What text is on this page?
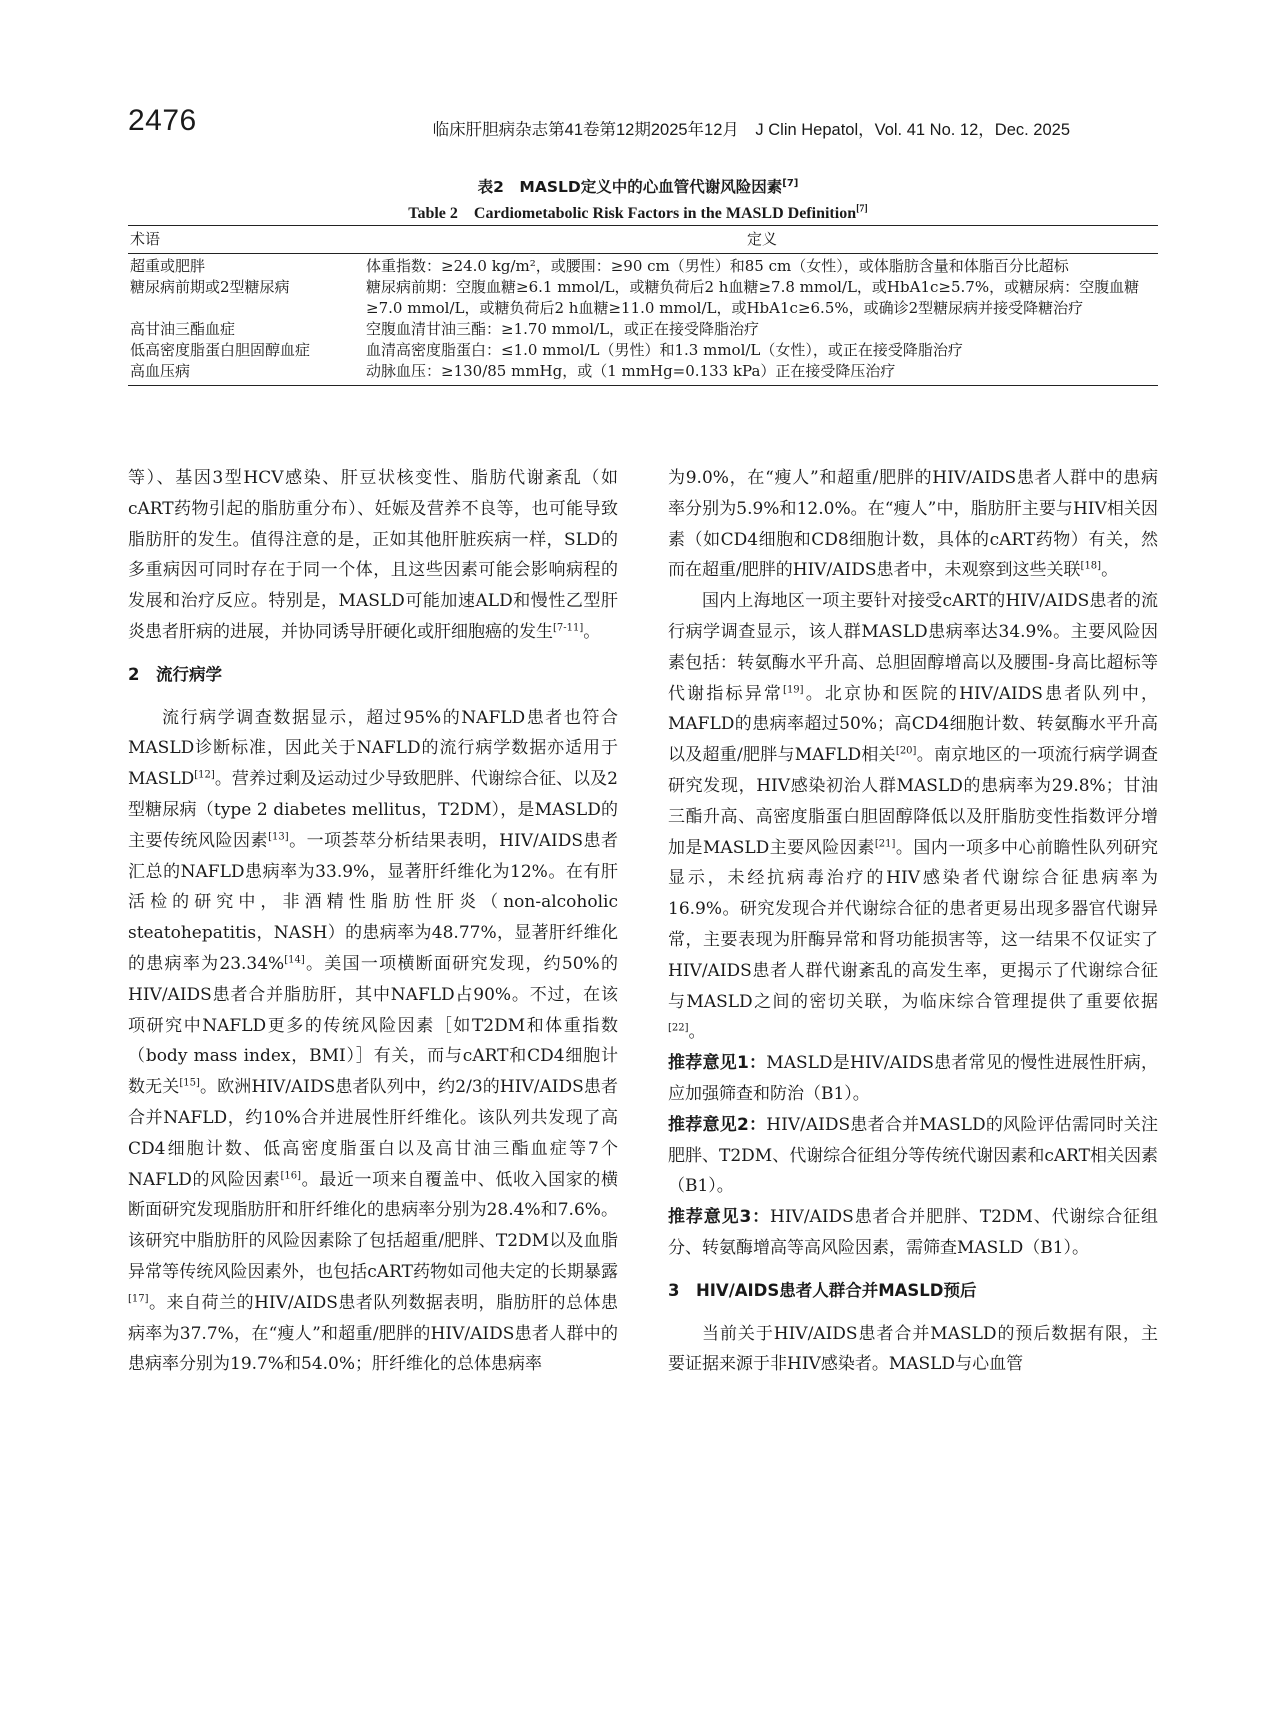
2476	临床肝胆病杂志第41卷第12期2025年12月　J Clin Hepatol，Vol. 41 No. 12，Dec. 2025
表2　MASLD定义中的心血管代谢风险因素[7]
Table 2　Cardiometabolic Risk Factors in the MASLD Definition[7]
术语	定义
超重或肥胖	体重指数：≥24.0 kg/m²，或腰围：≥90 cm（男性）和85 cm（女性），或体脂肪含量和体脂百分比超标
糖尿病前期或2型糖尿病	糖尿病前期：空腹血糖≥6.1 mmol/L，或糖负荷后2 h血糖≥7.8 mmol/L，或HbA1c≥5.7%，或糖尿病：空腹血糖≥7.0 mmol/L，或糖负荷后2 h血糖≥11.0 mmol/L，或HbA1c≥6.5%，或确诊2型糖尿病并接受降糖治疗
高甘油三酯血症	空腹血清甘油三酯：≥1.70 mmol/L，或正在接受降脂治疗
低高密度脂蛋白胆固醇血症	血清高密度脂蛋白：≤1.0 mmol/L（男性）和1.3 mmol/L（女性），或正在接受降脂治疗
高血压病	动脉血压：≥130/85 mmHg，或（1 mmHg=0.133 kPa）正在接受降压治疗

等）、基因3型HCV感染、肝豆状核变性、脂肪代谢紊乱（如cART药物引起的脂肪重分布）、妊娠及营养不良等，也可能导致脂肪肝的发生。值得注意的是，正如其他肝脏疾病一样，SLD的多重病因可同时存在于同一个体，且这些因素可能会影响病程的发展和治疗反应。特别是，MASLD可能加速ALD和慢性乙型肝炎患者肝病的进展，并协同诱导肝硬化或肝细胞癌的发生[7-11]。

2　流行病学

流行病学调查数据显示，超过95%的NAFLD患者也符合MASLD诊断标准，因此关于NAFLD的流行病学数据亦适用于MASLD[12]。营养过剩及运动过少导致肥胖、代谢综合征、以及2型糖尿病（type 2 diabetes mellitus，T2DM），是MASLD的主要传统风险因素[13]。一项荟萃分析结果表明，HIV/AIDS患者汇总的NAFLD患病率为33.9%，显著肝纤维化为12%。在有肝活检的研究中，非酒精性脂肪性肝炎（non-alcoholic steatohepatitis，NASH）的患病率为48.77%，显著肝纤维化的患病率为23.34%[14]。美国一项横断面研究发现，约50%的HIV/AIDS患者合并脂肪肝，其中NAFLD占90%。不过，在该项研究中NAFLD更多的传统风险因素［如T2DM和体重指数（body mass index，BMI）］有关，而与cART和CD4细胞计数无关[15]。欧洲HIV/AIDS患者队列中，约2/3的HIV/AIDS患者合并NAFLD，约10%合并进展性肝纤维化。该队列共发现了高CD4细胞计数、低高密度脂蛋白以及高甘油三酯血症等7个NAFLD的风险因素[16]。最近一项来自覆盖中、低收入国家的横断面研究发现脂肪肝和肝纤维化的患病率分别为28.4%和7.6%。该研究中脂肪肝的风险因素除了包括超重/肥胖、T2DM以及血脂异常等传统风险因素外，也包括cART药物如司他夫定的长期暴露[17]。来自荷兰的HIV/AIDS患者队列数据表明，脂肪肝的总体患病率为37.7%，在“瘦人”和超重/肥胖的HIV/AIDS患者人群中的患病率分别为19.7%和54.0%；肝纤维化的总体患病率

为9.0%，在“瘦人”和超重/肥胖的HIV/AIDS患者人群中的患病率分别为5.9%和12.0%。在“瘦人”中，脂肪肝主要与HIV相关因素（如CD4细胞和CD8细胞计数，具体的cART药物）有关，然而在超重/肥胖的HIV/AIDS患者中，未观察到这些关联[18]。

国内上海地区一项主要针对接受cART的HIV/AIDS患者的流行病学调查显示，该人群MASLD患病率达34.9%。主要风险因素包括：转氨酶水平升高、总胆固醇增高以及腰围-身高比超标等代谢指标异常[19]。北京协和医院的HIV/AIDS患者队列中，MAFLD的患病率超过50%；高CD4细胞计数、转氨酶水平升高以及超重/肥胖与MAFLD相关[20]。南京地区的一项流行病学调查研究发现，HIV感染初治人群MASLD的患病率为29.8%；甘油三酯升高、高密度脂蛋白胆固醇降低以及肝脂肪变性指数评分增加是MASLD主要风险因素[21]。国内一项多中心前瞻性队列研究显示，未经抗病毒治疗的HIV感染者代谢综合征患病率为16.9%。研究发现合并代谢综合征的患者更易出现多器官代谢异常，主要表现为肝酶异常和肾功能损害等，这一结果不仅证实了HIV/AIDS患者人群代谢紊乱的高发生率，更揭示了代谢综合征与MASLD之间的密切关联，为临床综合管理提供了重要依据[22]。

推荐意见1：MASLD是HIV/AIDS患者常见的慢性进展性肝病，应加强筛查和防治（B1）。

推荐意见2：HIV/AIDS患者合并MASLD的风险评估需同时关注肥胖、T2DM、代谢综合征组分等传统代谢因素和cART相关因素（B1）。

推荐意见3：HIV/AIDS患者合并肥胖、T2DM、代谢综合征组分、转氨酶增高等高风险因素，需筛查MASLD（B1）。

3　HIV/AIDS患者人群合并MASLD预后

当前关于HIV/AIDS患者合并MASLD的预后数据有限，主要证据来源于非HIV感染者。MASLD与心血管
